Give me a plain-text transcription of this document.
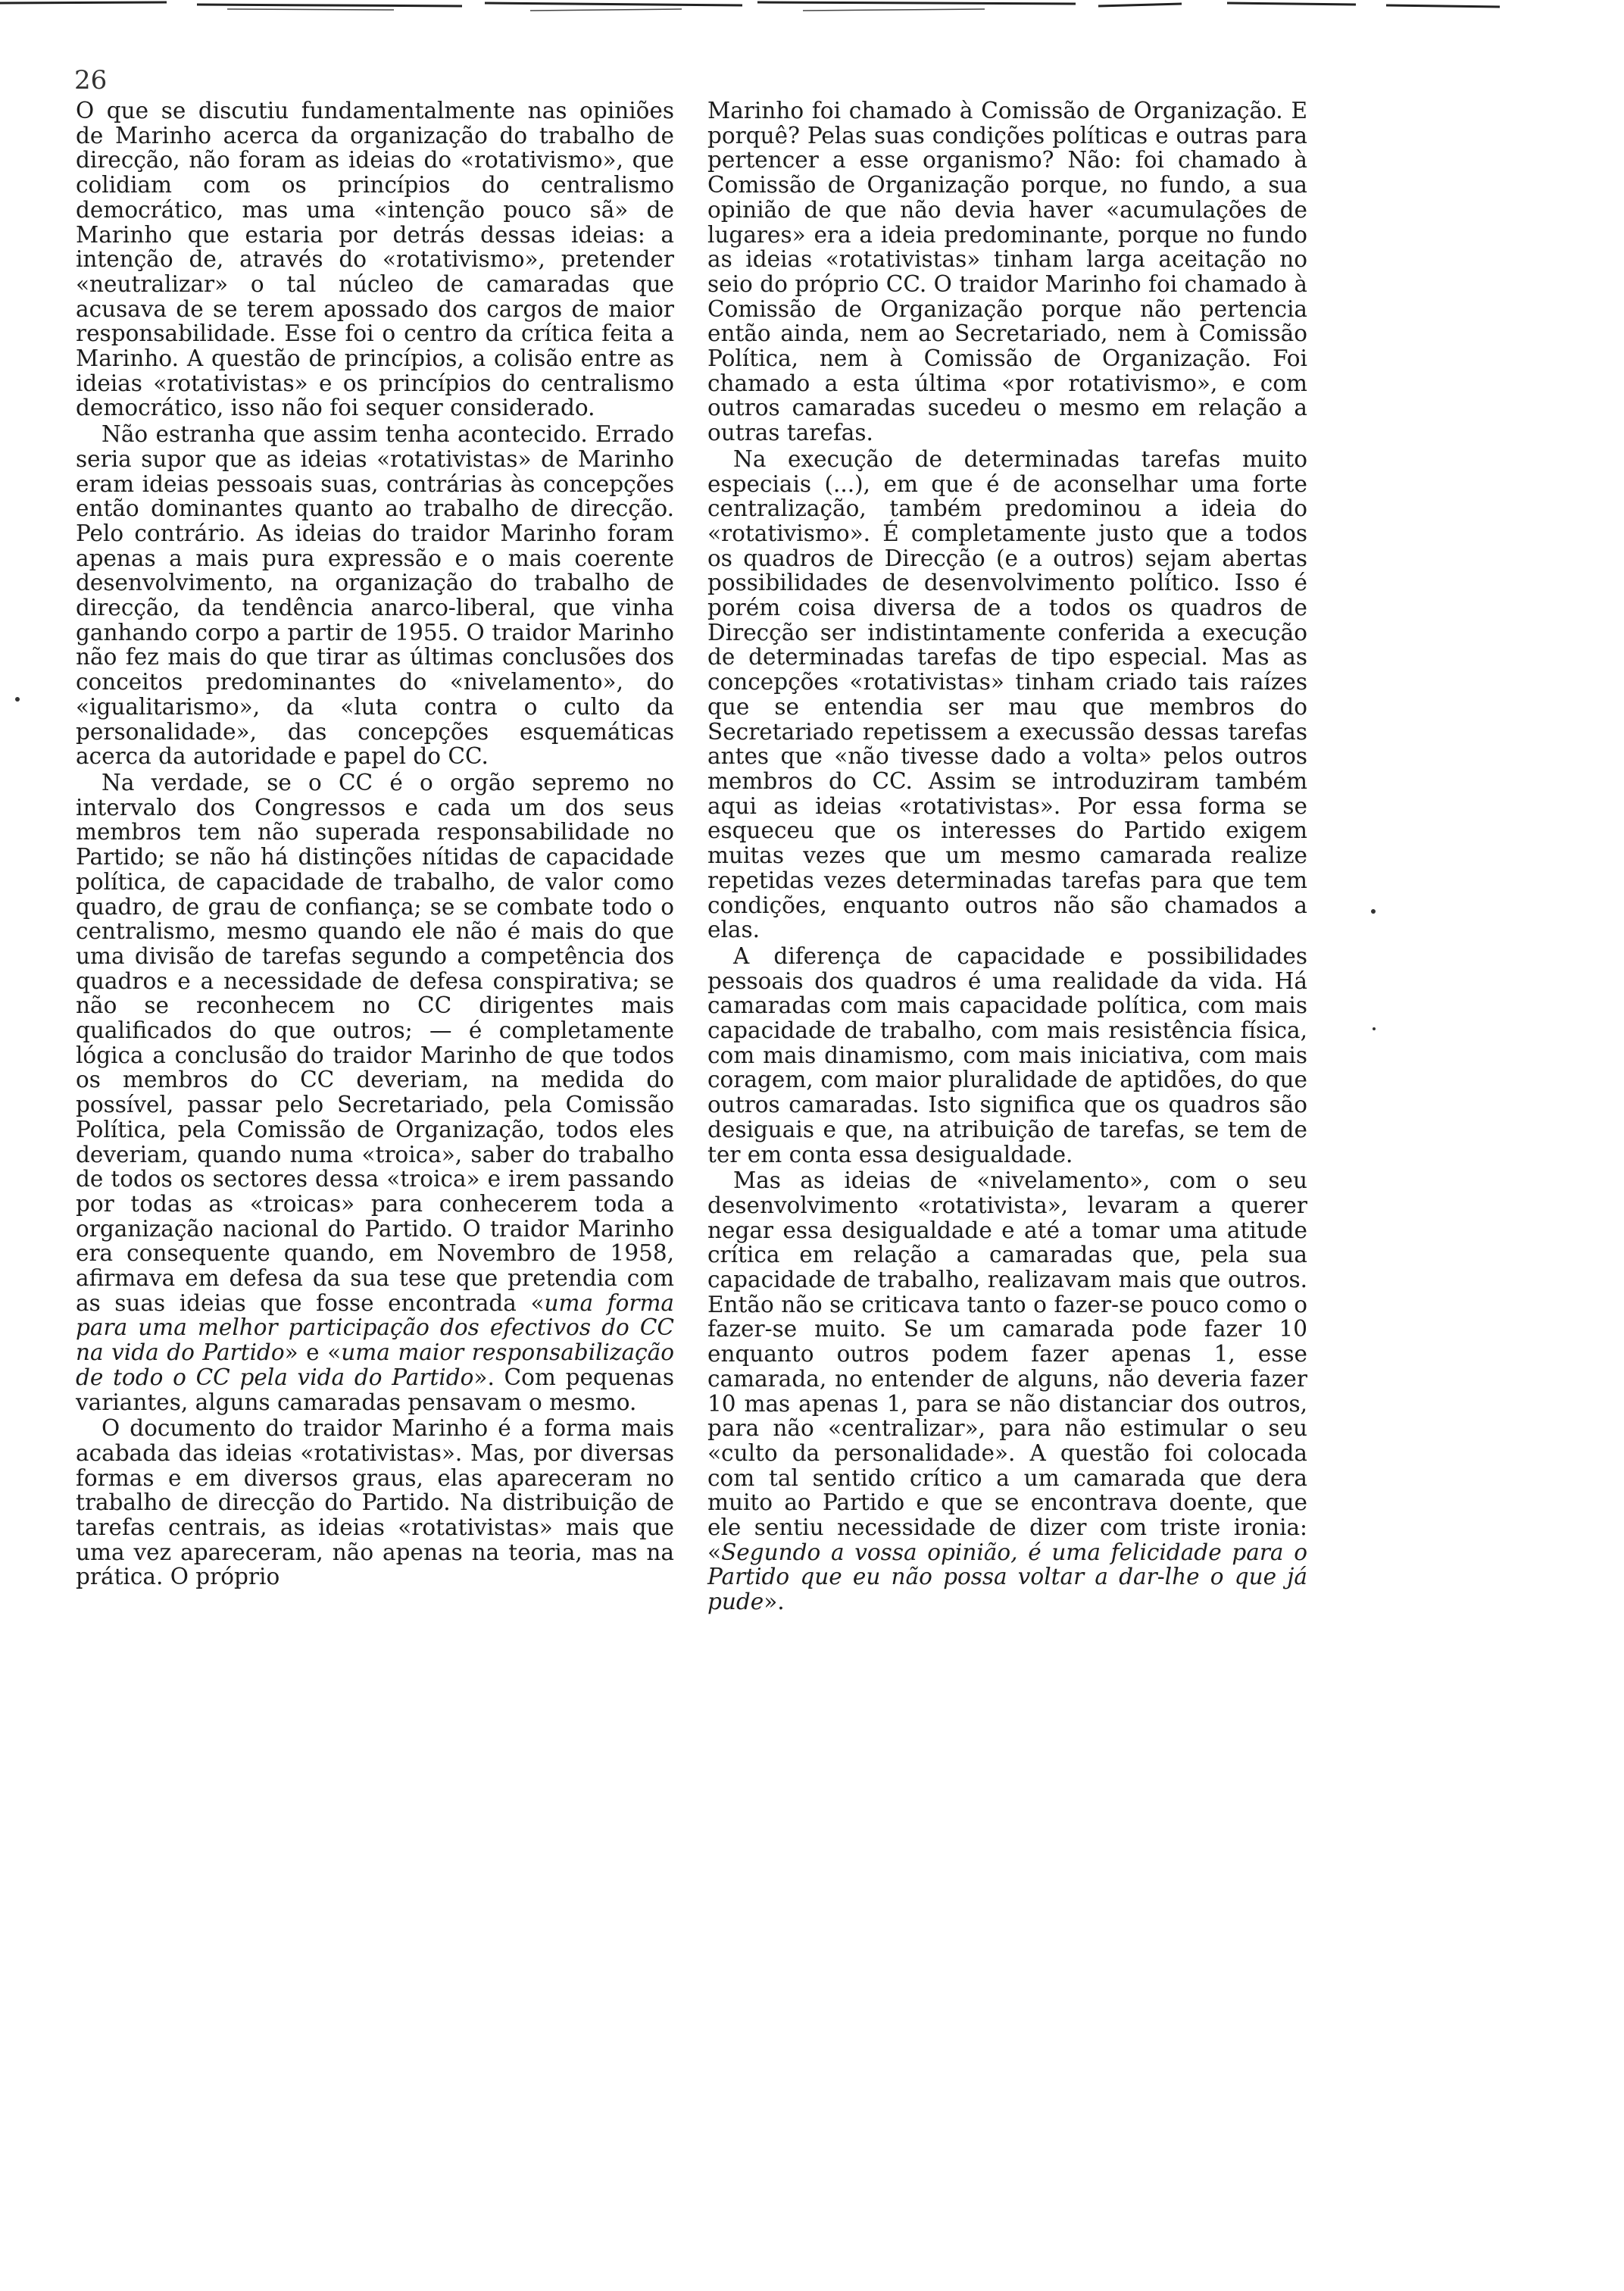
26

O que se discutiu fundamentalmente nas opiniões de Marinho acerca da organização do trabalho de direcção, não foram as ideias do «rotativismo», que colidiam com os princípios do centralismo democrático, mas uma «intenção pouco sã» de Marinho que estaria por detrás dessas ideias: a intenção de, através do «rotativismo», pretender «neutralizar» o tal núcleo de camaradas que acusava de se terem apossado dos cargos de maior responsabilidade. Esse foi o centro da crítica feita a Marinho. A questão de princípios, a colisão entre as ideias «rotativistas» e os princípios do centralismo democrático, isso não foi sequer considerado.

Não estranha que assim tenha acontecido. Errado seria supor que as ideias «rotativistas» de Marinho eram ideias pessoais suas, contrárias às concepções então dominantes quanto ao trabalho de direcção. Pelo contrário. As ideias do traidor Marinho foram apenas a mais pura expressão e o mais coerente desenvolvimento, na organização do trabalho de direcção, da tendência anarco-liberal, que vinha ganhando corpo a partir de 1955. O traidor Marinho não fez mais do que tirar as últimas conclusões dos conceitos predominantes do «nivelamento», do «igualitarismo», da «luta contra o culto da personalidade», das concepções esquemáticas acerca da autoridade e papel do CC.

Na verdade, se o CC é o orgão sepremo no intervalo dos Congressos e cada um dos seus membros tem não superada responsabilidade no Partido; se não há distinções nítidas de capacidade política, de capacidade de trabalho, de valor como quadro, de grau de confiança; se se combate todo o centralismo, mesmo quando ele não é mais do que uma divisão de tarefas segundo a competência dos quadros e a necessidade de defesa conspirativa; se não se reconhecem no CC dirigentes mais qualificados do que outros; — é completamente lógica a conclusão do traidor Marinho de que todos os membros do CC deveriam, na medida do possível, passar pelo Secretariado, pela Comissão Política, pela Comissão de Organização, todos eles deveriam, quando numa «troica», saber do trabalho de todos os sectores dessa «troica» e irem passando por todas as «troicas» para conhecerem toda a organização nacional do Partido. O traidor Marinho era consequente quando, em Novembro de 1958, afirmava em defesa da sua tese que pretendia com as suas ideias que fosse encontrada «uma forma para uma melhor participação dos efectivos do CC na vida do Partido» e «uma maior responsabilização de todo o CC pela vida do Partido». Com pequenas variantes, alguns camaradas pensavam o mesmo.

O documento do traidor Marinho é a forma mais acabada das ideias «rotativistas». Mas, por diversas formas e em diversos graus, elas apareceram no trabalho de direcção do Partido. Na distribuição de tarefas centrais, as ideias «rotativistas» mais que uma vez apareceram, não apenas na teoria, mas na prática. O próprio

Marinho foi chamado à Comissão de Organização. E porquê? Pelas suas condições políticas e outras para pertencer a esse organismo? Não: foi chamado à Comissão de Organização porque, no fundo, a sua opinião de que não devia haver «acumulações de lugares» era a ideia predominante, porque no fundo as ideias «rotativistas» tinham larga aceitação no seio do próprio CC. O traidor Marinho foi chamado à Comissão de Organização porque não pertencia então ainda, nem ao Secretariado, nem à Comissão Política, nem à Comissão de Organização. Foi chamado a esta última «por rotativismo», e com outros camaradas sucedeu o mesmo em relação a outras tarefas.

Na execução de determinadas tarefas muito especiais (...), em que é de aconselhar uma forte centralização, também predominou a ideia do «rotativismo». É completamente justo que a todos os quadros de Direcção (e a outros) sejam abertas possibilidades de desenvolvimento político. Isso é porém coisa diversa de a todos os quadros de Direcção ser indistintamente conferida a execução de determinadas tarefas de tipo especial. Mas as concepções «rotativistas» tinham criado tais raízes que se entendia ser mau que membros do Secretariado repetissem a execussão dessas tarefas antes que «não tivesse dado a volta» pelos outros membros do CC. Assim se introduziram também aqui as ideias «rotativistas». Por essa forma se esqueceu que os interesses do Partido exigem muitas vezes que um mesmo camarada realize repetidas vezes determinadas tarefas para que tem condições, enquanto outros não são chamados a elas.

A diferença de capacidade e possibilidades pessoais dos quadros é uma realidade da vida. Há camaradas com mais capacidade política, com mais capacidade de trabalho, com mais resistência física, com mais dinamismo, com mais iniciativa, com mais coragem, com maior pluralidade de aptidões, do que outros camaradas. Isto significa que os quadros são desiguais e que, na atribuição de tarefas, se tem de ter em conta essa desigualdade.

Mas as ideias de «nivelamento», com o seu desenvolvimento «rotativista», levaram a querer negar essa desigualdade e até a tomar uma atitude crítica em relação a camaradas que, pela sua capacidade de trabalho, realizavam mais que outros. Então não se criticava tanto o fazer-se pouco como o fazer-se muito. Se um camarada pode fazer 10 enquanto outros podem fazer apenas 1, esse camarada, no entender de alguns, não deveria fazer 10 mas apenas 1, para se não distanciar dos outros, para não «centralizar», para não estimular o seu «culto da personalidade». A questão foi colocada com tal sentido crítico a um camarada que dera muito ao Partido e que se encontrava doente, que ele sentiu necessidade de dizer com triste ironia: «Segundo a vossa opinião, é uma felicidade para o Partido que eu não possa voltar a dar-lhe o que já pude».
